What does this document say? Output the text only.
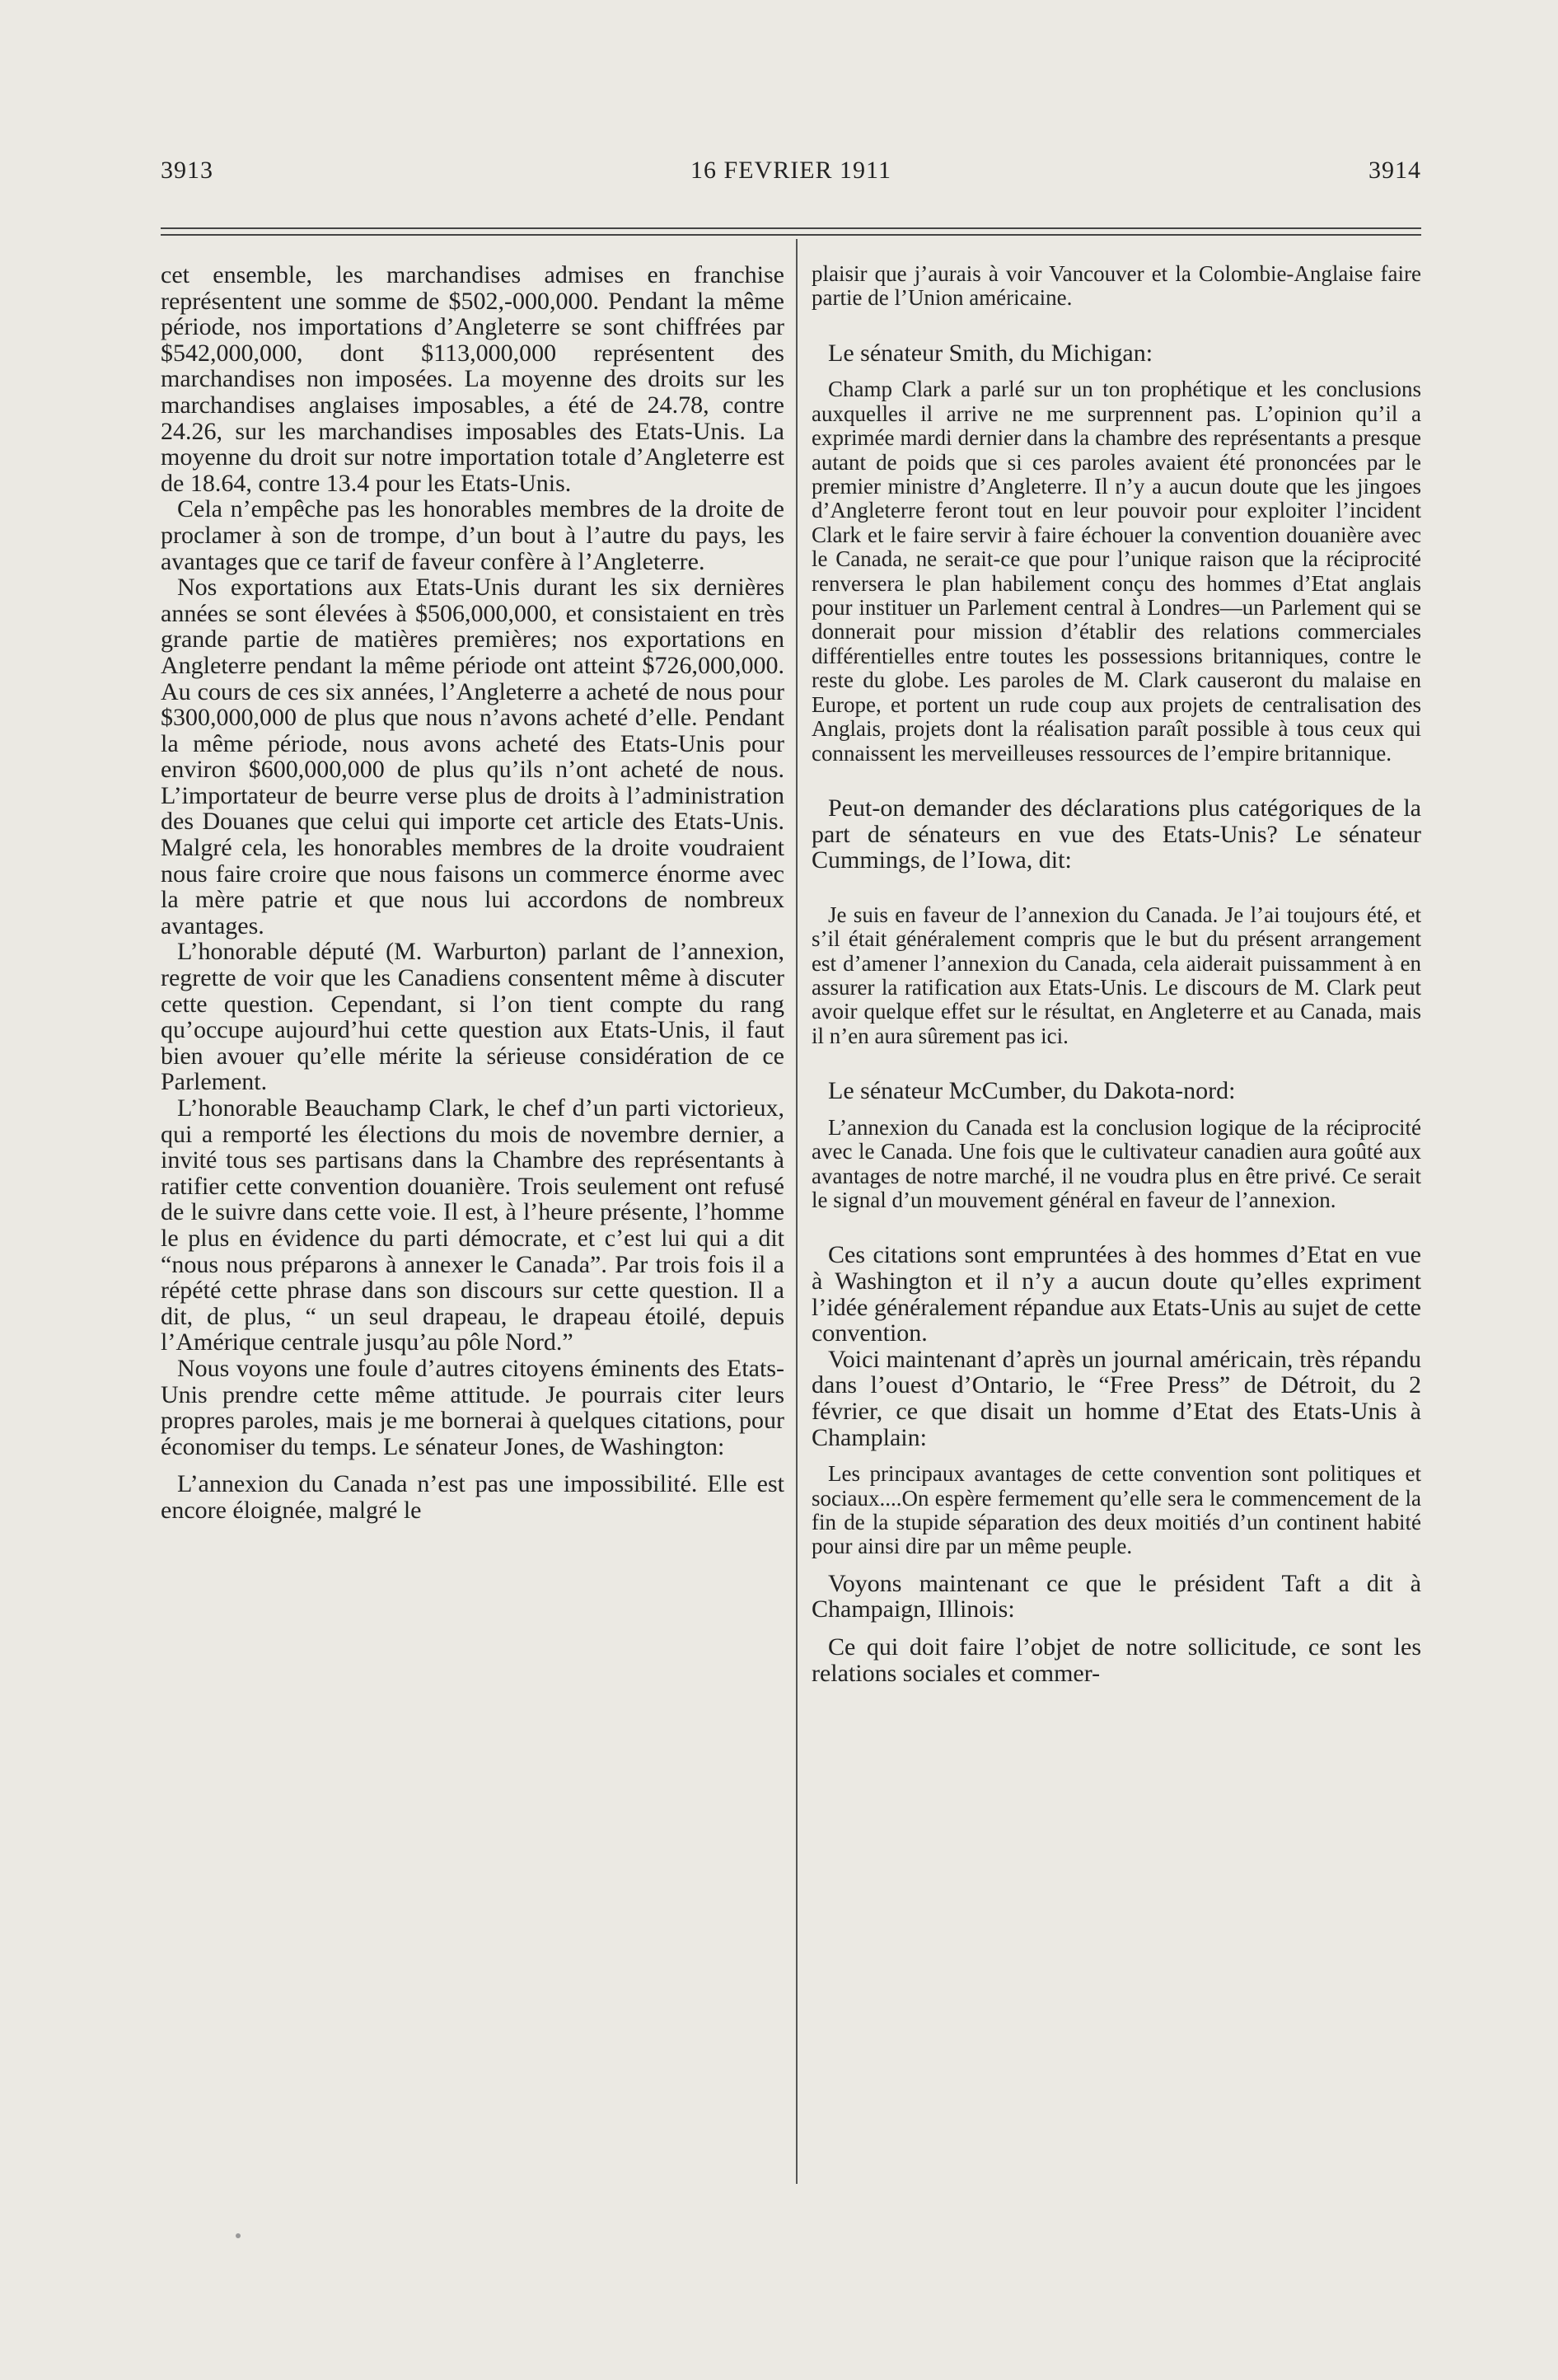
3913	16 FEVRIER 1911	3914

cet ensemble, les marchandises admises en franchise représentent une somme de $502,-000,000. Pendant la même période, nos importations d’Angleterre se sont chiffrées par $542,000,000, dont $113,000,000 représentent des marchandises non imposées. La moyenne des droits sur les marchandises anglaises imposables, a été de 24.78, contre 24.26, sur les marchandises imposables des Etats-Unis. La moyenne du droit sur notre importation totale d’Angleterre est de 18.64, contre 13.4 pour les Etats-Unis.

Cela n’empêche pas les honorables membres de la droite de proclamer à son de trompe, d’un bout à l’autre du pays, les avantages que ce tarif de faveur confère à l’Angleterre.

Nos exportations aux Etats-Unis durant les six dernières années se sont élevées à $506,000,000, et consistaient en très grande partie de matières premières; nos exportations en Angleterre pendant la même période ont atteint $726,000,000. Au cours de ces six années, l’Angleterre a acheté de nous pour $300,000,000 de plus que nous n’avons acheté d’elle. Pendant la même période, nous avons acheté des Etats-Unis pour environ $600,000,000 de plus qu’ils n’ont acheté de nous. L’importateur de beurre verse plus de droits à l’administration des Douanes que celui qui importe cet article des Etats-Unis. Malgré cela, les honorables membres de la droite voudraient nous faire croire que nous faisons un commerce énorme avec la mère patrie et que nous lui accordons de nombreux avantages.

L’honorable député (M. Warburton) parlant de l’annexion, regrette de voir que les Canadiens consentent même à discuter cette question. Cependant, si l’on tient compte du rang qu’occupe aujourd’hui cette question aux Etats-Unis, il faut bien avouer qu’elle mérite la sérieuse considération de ce Parlement.

L’honorable Beauchamp Clark, le chef d’un parti victorieux, qui a remporté les élections du mois de novembre dernier, a invité tous ses partisans dans la Chambre des représentants à ratifier cette convention douanière. Trois seulement ont refusé de le suivre dans cette voie. Il est, à l’heure présente, l’homme le plus en évidence du parti démocrate, et c’est lui qui a dit “nous nous préparons à annexer le Canada”. Par trois fois il a répété cette phrase dans son discours sur cette question. Il a dit, de plus, “ un seul drapeau, le drapeau étoilé, depuis l’Amérique centrale jusqu’au pôle Nord.”

Nous voyons une foule d’autres citoyens éminents des Etats-Unis prendre cette même attitude. Je pourrais citer leurs propres paroles, mais je me bornerai à quelques citations, pour économiser du temps. Le sénateur Jones, de Washington:

L’annexion du Canada n’est pas une impossibilité. Elle est encore éloignée, malgré le

plaisir que j’aurais à voir Vancouver et la Colombie-Anglaise faire partie de l’Union américaine.

Le sénateur Smith, du Michigan:

Champ Clark a parlé sur un ton prophétique et les conclusions auxquelles il arrive ne me surprennent pas. L’opinion qu’il a exprimée mardi dernier dans la chambre des représentants a presque autant de poids que si ces paroles avaient été prononcées par le premier ministre d’Angleterre. Il n’y a aucun doute que les jingoes d’Angleterre feront tout en leur pouvoir pour exploiter l’incident Clark et le faire servir à faire échouer la convention douanière avec le Canada, ne serait-ce que pour l’unique raison que la réciprocité renversera le plan habilement conçu des hommes d’Etat anglais pour instituer un Parlement central à Londres—un Parlement qui se donnerait pour mission d’établir des relations commerciales différentielles entre toutes les possessions britanniques, contre le reste du globe. Les paroles de M. Clark causeront du malaise en Europe, et portent un rude coup aux projets de centralisation des Anglais, projets dont la réalisation paraît possible à tous ceux qui connaissent les merveilleuses ressources de l’empire britannique.

Peut-on demander des déclarations plus catégoriques de la part de sénateurs en vue des Etats-Unis? Le sénateur Cummings, de l’Iowa, dit:

Je suis en faveur de l’annexion du Canada. Je l’ai toujours été, et s’il était généralement compris que le but du présent arrangement est d’amener l’annexion du Canada, cela aiderait puissamment à en assurer la ratification aux Etats-Unis. Le discours de M. Clark peut avoir quelque effet sur le résultat, en Angleterre et au Canada, mais il n’en aura sûrement pas ici.

Le sénateur McCumber, du Dakota-nord:

L’annexion du Canada est la conclusion logique de la réciprocité avec le Canada. Une fois que le cultivateur canadien aura goûté aux avantages de notre marché, il ne voudra plus en être privé. Ce serait le signal d’un mouvement général en faveur de l’annexion.

Ces citations sont empruntées à des hommes d’Etat en vue à Washington et il n’y a aucun doute qu’elles expriment l’idée généralement répandue aux Etats-Unis au sujet de cette convention.

Voici maintenant d’après un journal américain, très répandu dans l’ouest d’Ontario, le “Free Press” de Détroit, du 2 février, ce que disait un homme d’Etat des Etats-Unis à Champlain:

Les principaux avantages de cette convention sont politiques et sociaux....On espère fermement qu’elle sera le commencement de la fin de la stupide séparation des deux moitiés d’un continent habité pour ainsi dire par un même peuple.

Voyons maintenant ce que le président Taft a dit à Champaign, Illinois:

Ce qui doit faire l’objet de notre sollicitude, ce sont les relations sociales et commer-
